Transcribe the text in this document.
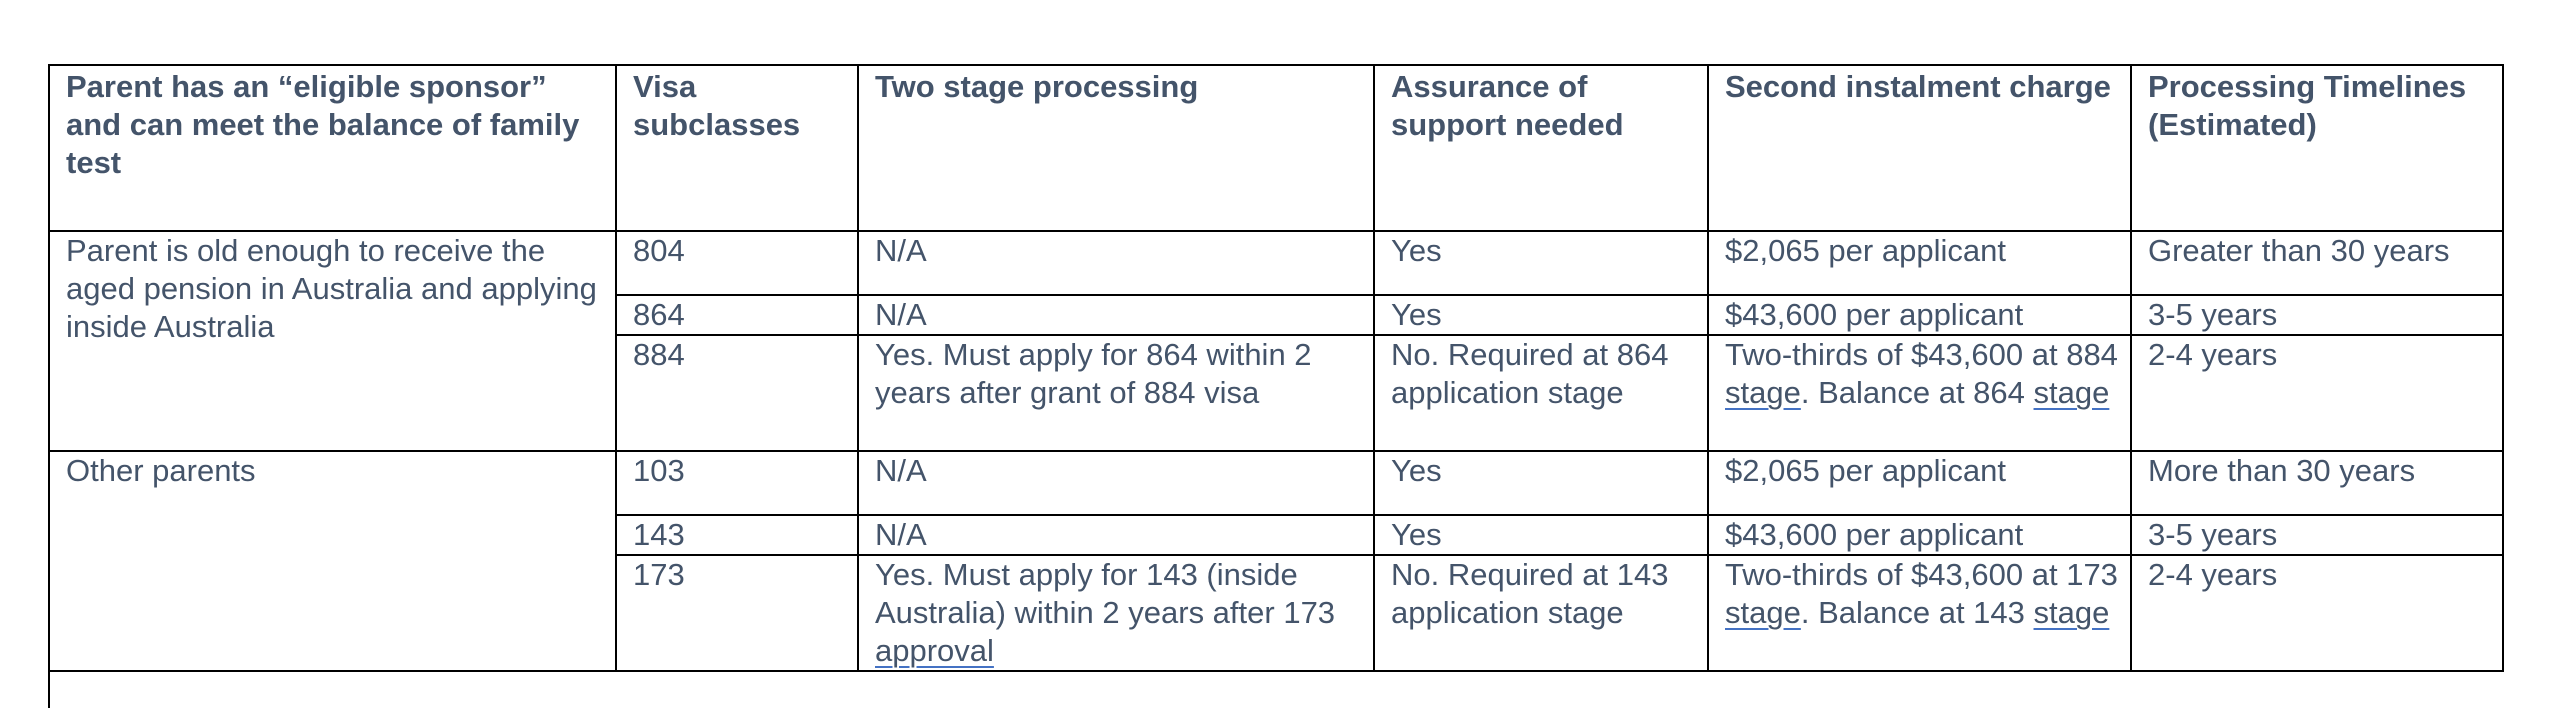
Parent has an “eligible sponsor” and can meet the balance of family test	Visa subclasses	Two stage processing	Assurance of support needed	Second instalment charge	Processing Timelines (Estimated)
Parent is old enough to receive the aged pension in Australia and applying inside Australia	804	N/A	Yes	$2,065 per applicant	Greater than 30 years
	864	N/A	Yes	$43,600 per applicant	3-5 years
	884	Yes. Must apply for 864 within 2 years after grant of 884 visa	No. Required at 864 application stage	Two-thirds of $43,600 at 884 stage. Balance at 864 stage	2-4 years
Other parents	103	N/A	Yes	$2,065 per applicant	More than 30 years
	143	N/A	Yes	$43,600 per applicant	3-5 years
	173	Yes. Must apply for 143 (inside Australia) within 2 years after 173 approval	No. Required at 143 application stage	Two-thirds of $43,600 at 173 stage. Balance at 143 stage	2-4 years
